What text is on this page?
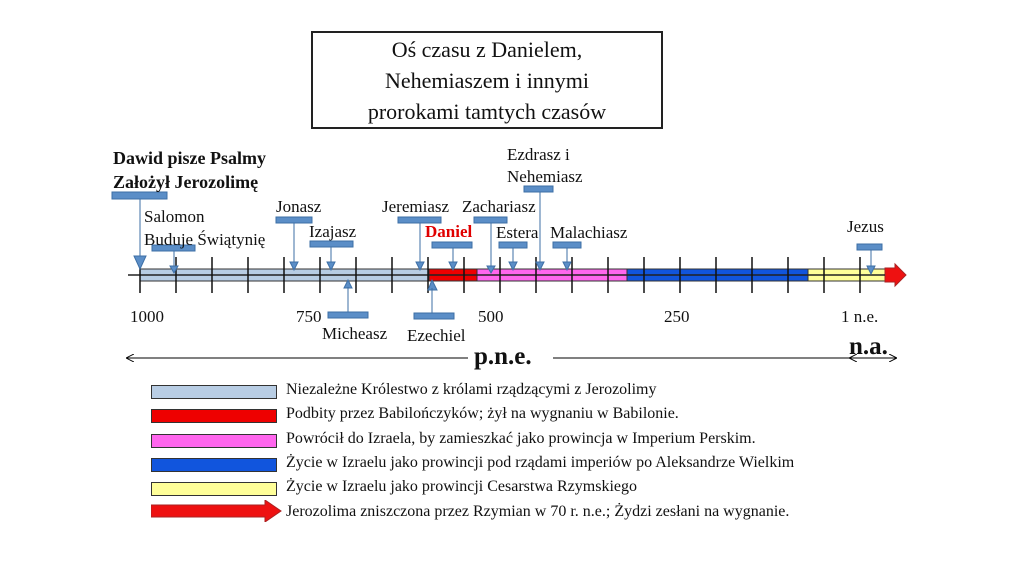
Oś czasu z Danielem,
Nehemiaszem i innymi
prorokami tamtych czasów
Dawid pisze Psalmy
Założył Jerozolimę
Salomon
Buduje Świątynię
Jonasz
Izajasz
Micheasz
Jeremiasz
Ezechiel
Daniel
Zachariasz
Estera
Ezdrasz i
Nehemiasz
Malachiasz	Jezus
1000	750	500	250	1 n.e.
p.n.e.	n.a.
Niezależne Królestwo z królami rządzącymi z Jerozolimy
Podbity przez Babilończyków; żył na wygnaniu w Babilonie.
Powrócił do Izraela, by zamieszkać jako prowincja w Imperium Perskim.
Życie w Izraelu jako prowincji pod rządami imperiów po Aleksandrze Wielkim
Życie w Izraelu jako prowincji Cesarstwa Rzymskiego
Jerozolima zniszczona przez Rzymian w 70 r. n.e.; Żydzi zesłani na wygnanie.
